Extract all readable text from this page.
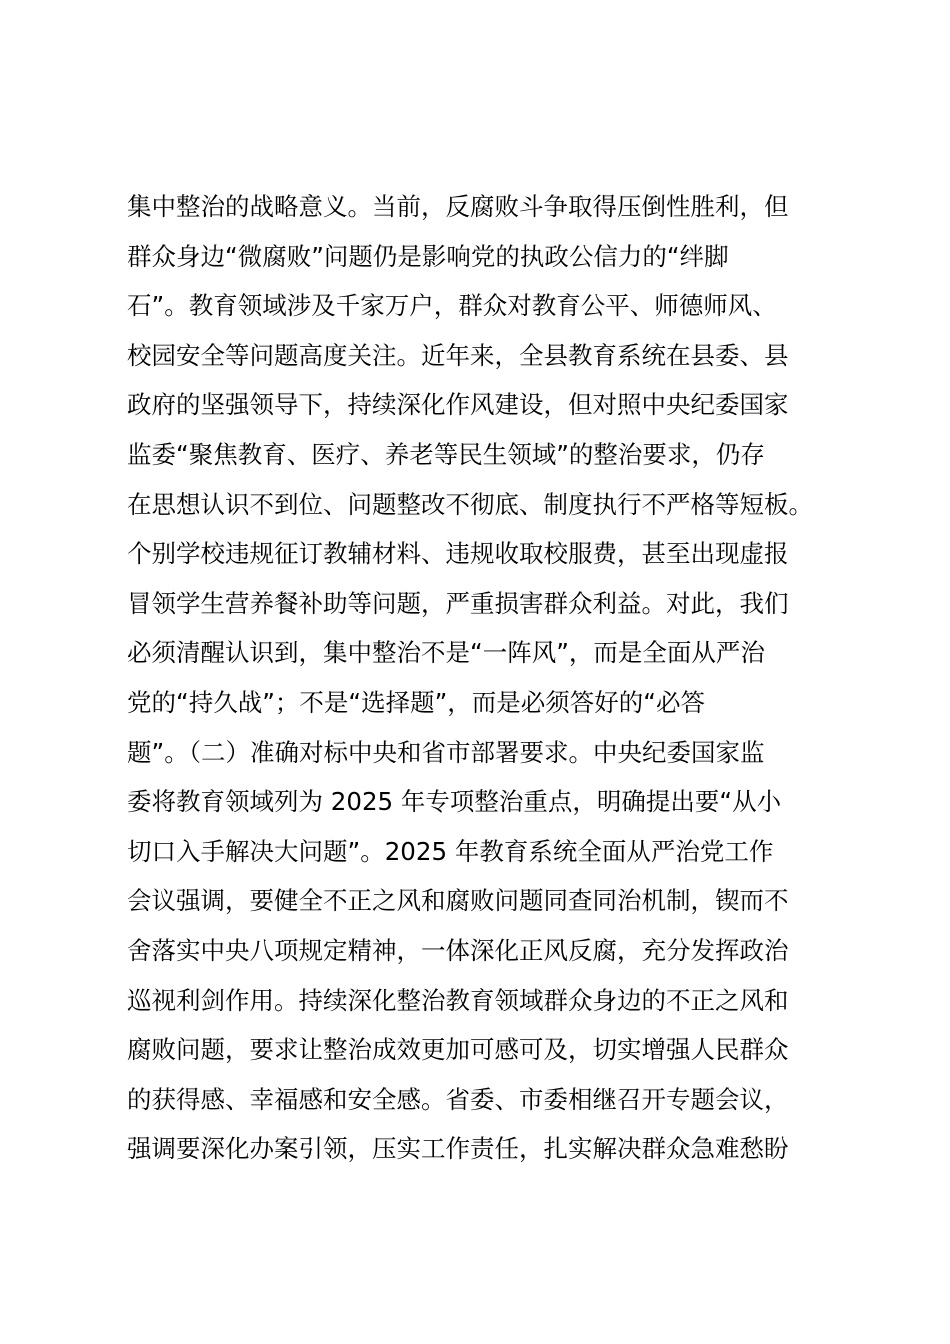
集中整治的战略意义。当前，反腐败斗争取得压倒性胜利，但
群众身边“微腐败”问题仍是影响党的执政公信力的“绊脚
石”。教育领域涉及千家万户，群众对教育公平、师德师风、
校园安全等问题高度关注。近年来，全县教育系统在县委、县
政府的坚强领导下，持续深化作风建设，但对照中央纪委国家
监委“聚焦教育、医疗、养老等民生领域”的整治要求，仍存
在思想认识不到位、问题整改不彻底、制度执行不严格等短板。
个别学校违规征订教辅材料、违规收取校服费，甚至出现虚报
冒领学生营养餐补助等问题，严重损害群众利益。对此，我们
必须清醒认识到，集中整治不是“一阵风”，而是全面从严治
党的“持久战”；不是“选择题”，而是必须答好的“必答
题”。（二）准确对标中央和省市部署要求。中央纪委国家监
委将教育领域列为 2025 年专项整治重点，明确提出要“从小
切口入手解决大问题”。2025 年教育系统全面从严治党工作
会议强调，要健全不正之风和腐败问题同查同治机制，锲而不
舍落实中央八项规定精神，一体深化正风反腐，充分发挥政治
巡视利剑作用。持续深化整治教育领域群众身边的不正之风和
腐败问题，要求让整治成效更加可感可及，切实增强人民群众
的获得感、幸福感和安全感。省委、市委相继召开专题会议，
强调要深化办案引领，压实工作责任，扎实解决群众急难愁盼
